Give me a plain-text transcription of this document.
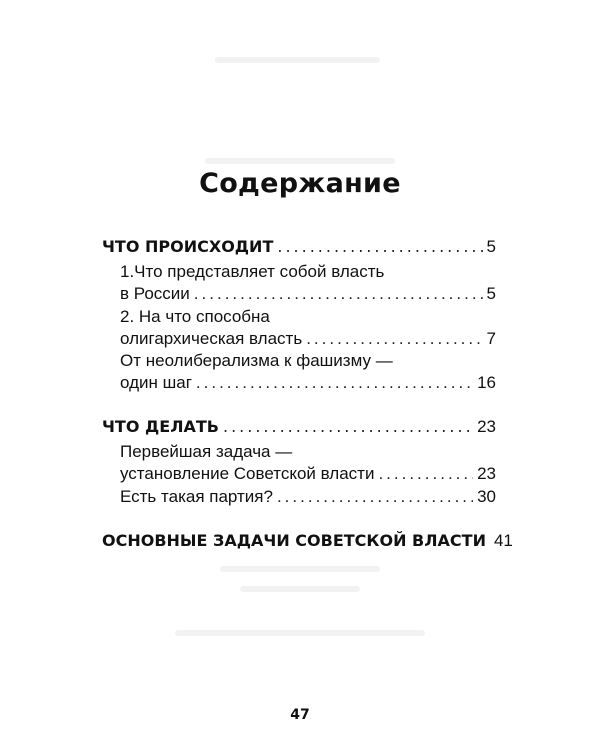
Содержание
ЧТО ПРОИСХОДИТ .....	5
1.Что представляет собой власть
в России .....	5
2. На что способна
олигархическая власть .....	7
От неолиберализма к фашизму —
один шаг .....	16
ЧТО ДЕЛАТЬ .....	23
Первейшая задача —
установление Советской власти .....	23
Есть такая партия? .....	30
ОСНОВНЫЕ ЗАДАЧИ СОВЕТСКОЙ ВЛАСТИ 41
47
